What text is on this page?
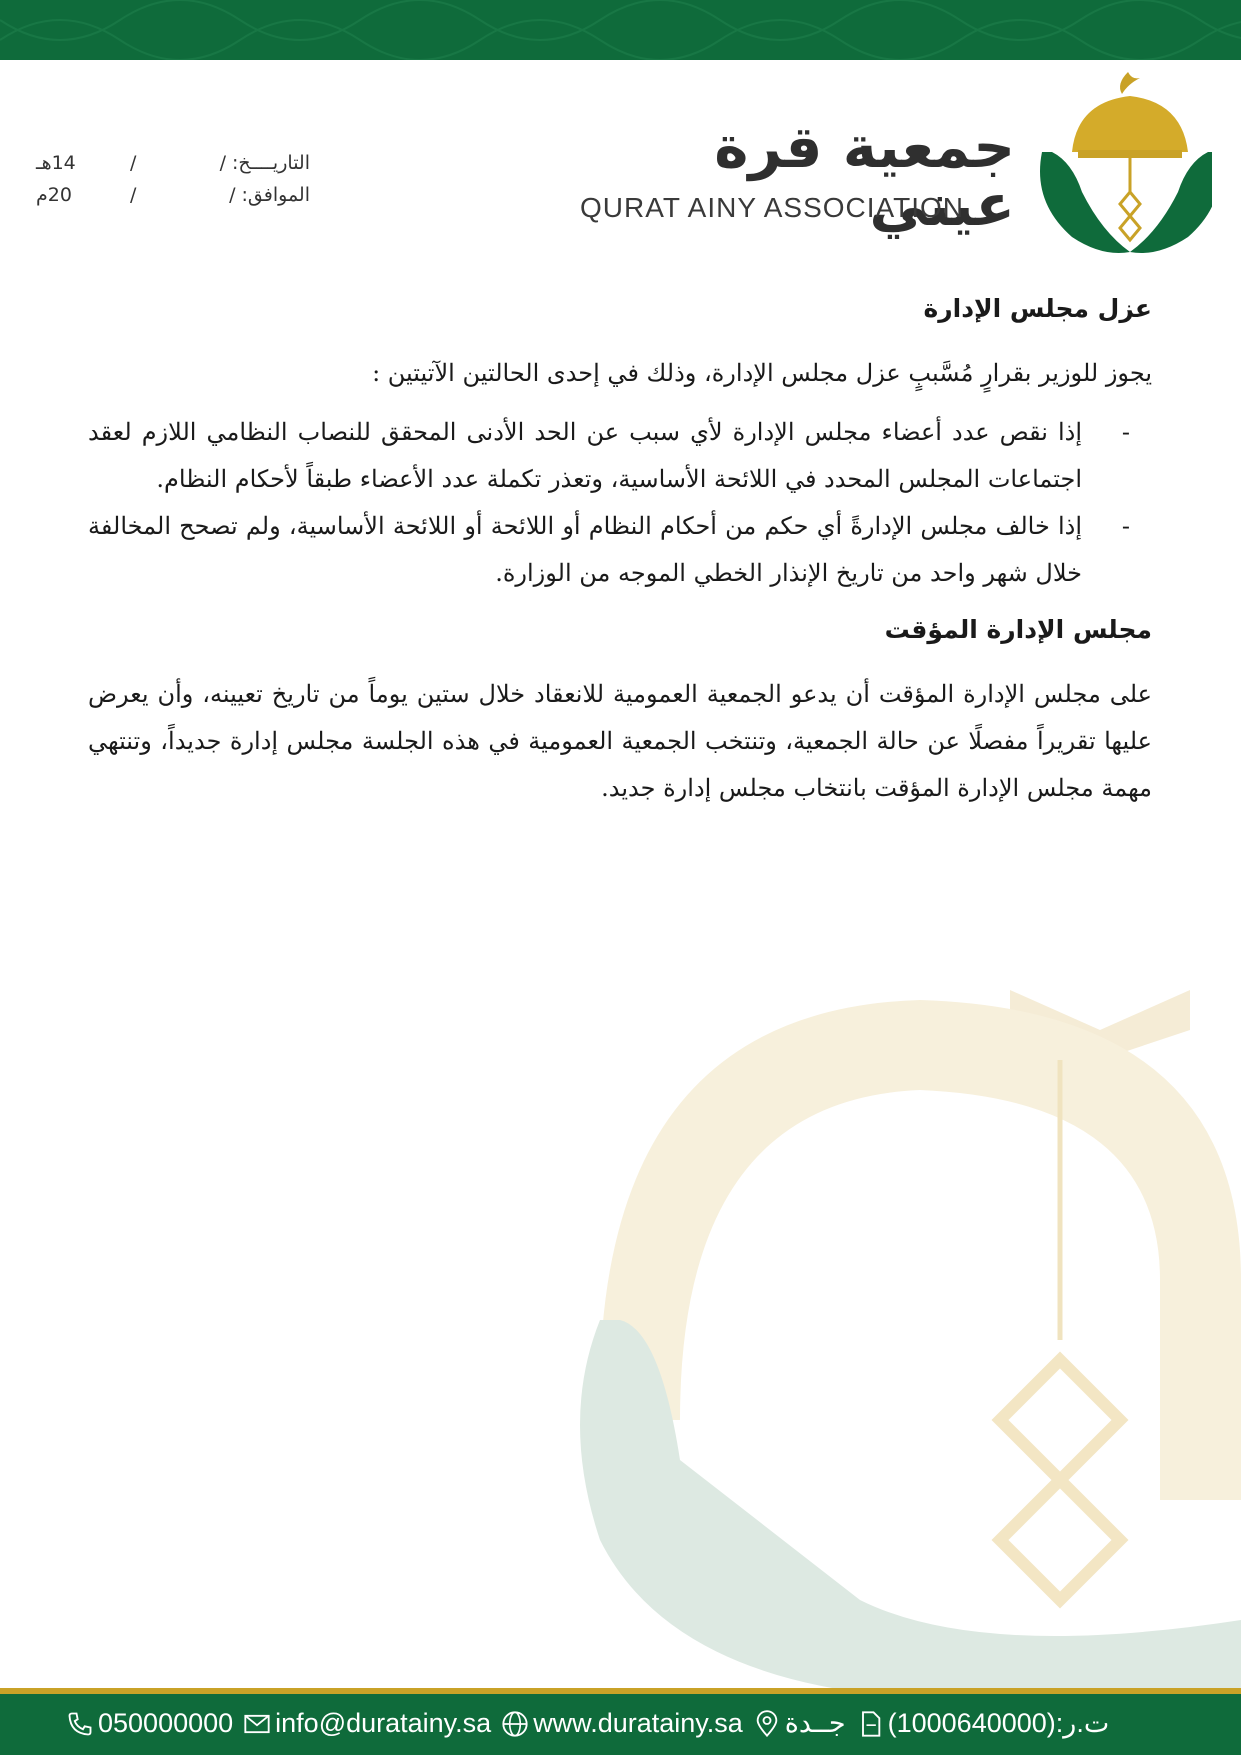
جمعية قرة عيني
QURAT AINY ASSOCIATION
التاريــــخ: /
/
14هـ
الموافق: /
/
20م
عزل مجلس الإدارة
يجوز للوزير بقرارٍ مُسَّببٍ عزل مجلس الإدارة، وذلك في إحدى الحالتين الآتيتين :
-
إذا نقص عدد أعضاء مجلس الإدارة لأي سبب عن الحد الأدنى المحقق للنصاب النظامي اللازم لعقد اجتماعات المجلس المحدد في اللائحة الأساسية، وتعذر تكملة عدد الأعضاء طبقاً لأحكام النظام.
-
إذا خالف مجلس الإدارةً أي حكم من أحكام النظام أو اللائحة أو اللائحة الأساسية، ولم تصحح المخالفة خلال شهر واحد من تاريخ الإنذار الخطي الموجه من الوزارة.
مجلس الإدارة المؤقت
على مجلس الإدارة المؤقت أن يدعو الجمعية العمومية للانعقاد خلال ستين يوماً من تاريخ تعيينه، وأن يعرض عليها تقريراً مفصلًا عن حالة الجمعية، وتنتخب الجمعية العمومية في هذه الجلسة مجلس إدارة جديداً، وتنتهي مهمة مجلس الإدارة المؤقت بانتخاب مجلس إدارة جديد.
050000000 info@duratainy.sa www.duratainy.sa جــدة (1000640000):ت.ر
